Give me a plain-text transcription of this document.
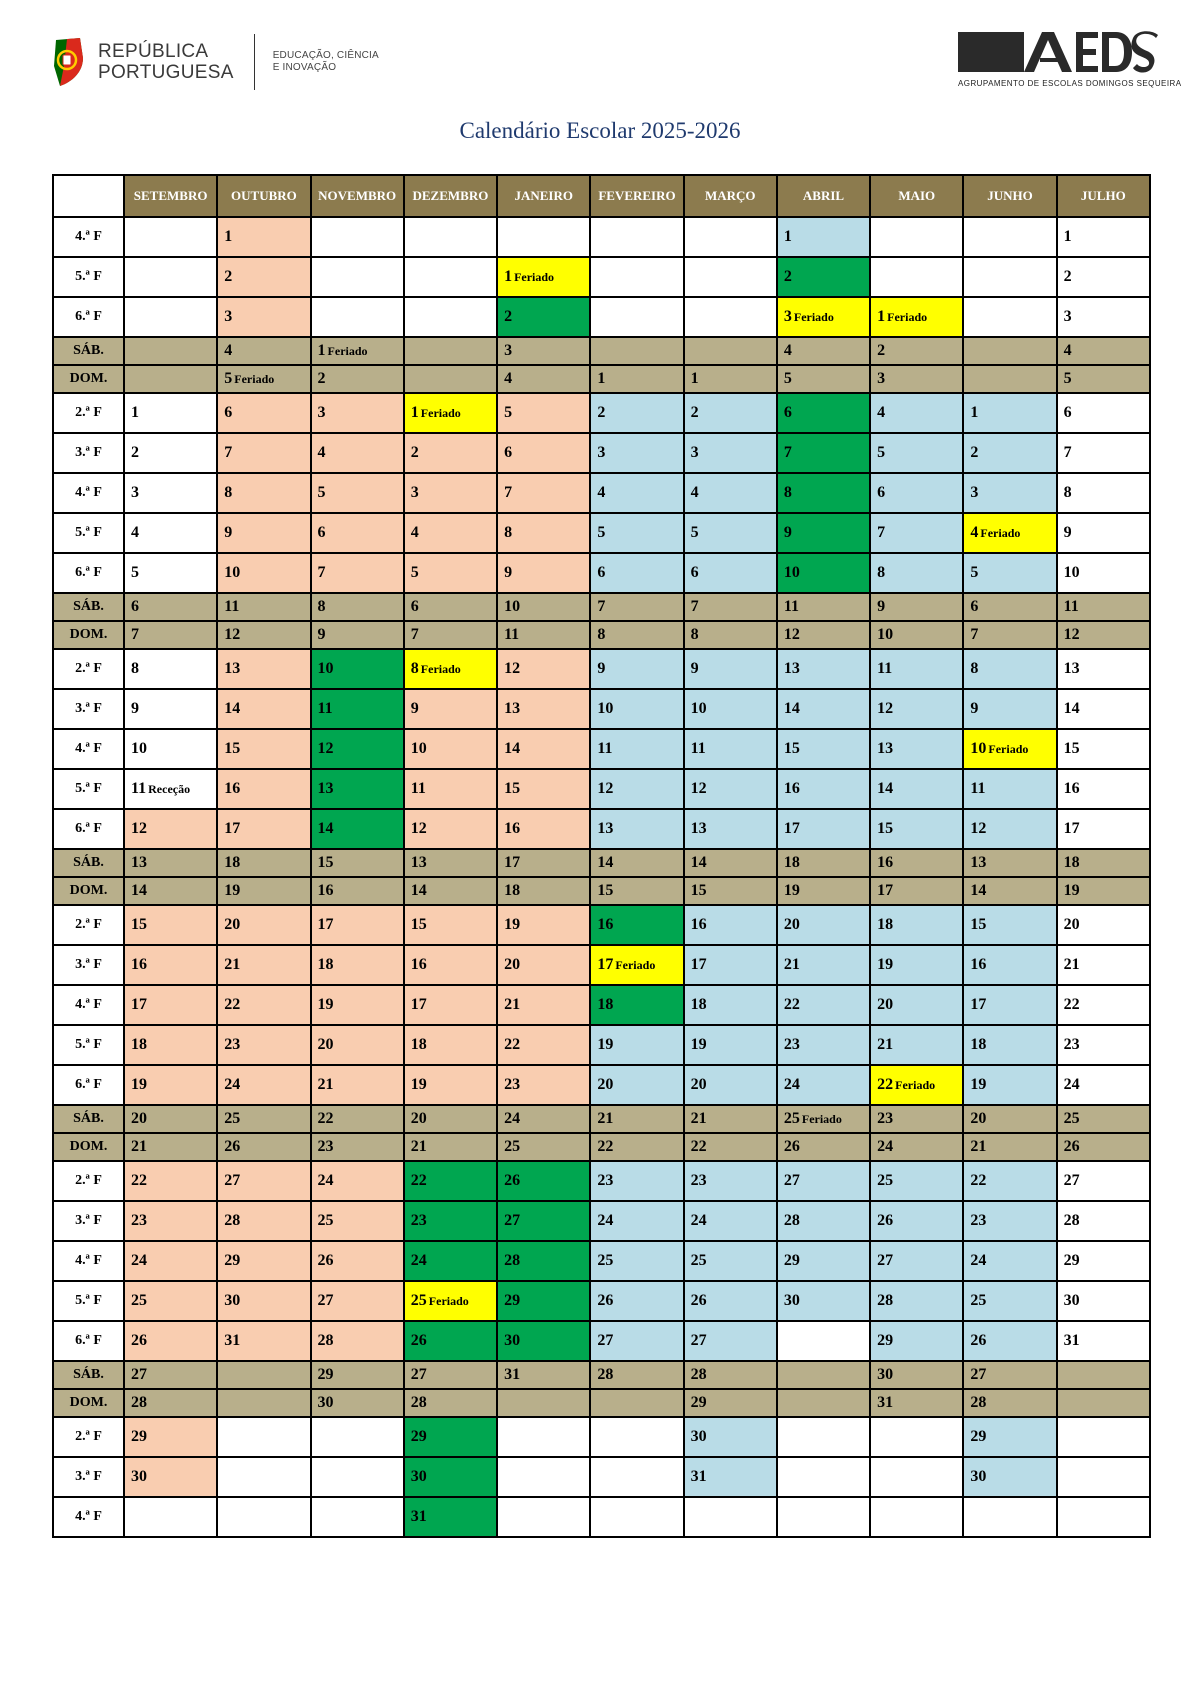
REPÚBLICA
PORTUGUESA
EDUCAÇÃO, CIÊNCIA
E INOVAÇÃO
AGRUPAMENTO DE ESCOLAS DOMINGOS SEQUEIRA
Calendário Escolar 2025-2026
	SETEMBRO	OUTUBRO	NOVEMBRO	DEZEMBRO	JANEIRO	FEVEREIRO	MARÇO	ABRIL	MAIO	JUNHO	JULHO
4.ª F		1						1			1
5.ª F		2			1 Feriado			2			2
6.ª F		3			2			3 Feriado	1 Feriado		3
SÁB.		4	1 Feriado		3			4	2		4
DOM.		5 Feriado	2		4	1	1	5	3		5
2.ª F	1	6	3	1 Feriado	5	2	2	6	4	1	6
3.ª F	2	7	4	2	6	3	3	7	5	2	7
4.ª F	3	8	5	3	7	4	4	8	6	3	8
5.ª F	4	9	6	4	8	5	5	9	7	4 Feriado	9
6.ª F	5	10	7	5	9	6	6	10	8	5	10
SÁB.	6	11	8	6	10	7	7	11	9	6	11
DOM.	7	12	9	7	11	8	8	12	10	7	12
2.ª F	8	13	10	8 Feriado	12	9	9	13	11	8	13
3.ª F	9	14	11	9	13	10	10	14	12	9	14
4.ª F	10	15	12	10	14	11	11	15	13	10 Feriado	15
5.ª F	11 Receção	16	13	11	15	12	12	16	14	11	16
6.ª F	12	17	14	12	16	13	13	17	15	12	17
SÁB.	13	18	15	13	17	14	14	18	16	13	18
DOM.	14	19	16	14	18	15	15	19	17	14	19
2.ª F	15	20	17	15	19	16	16	20	18	15	20
3.ª F	16	21	18	16	20	17 Feriado	17	21	19	16	21
4.ª F	17	22	19	17	21	18	18	22	20	17	22
5.ª F	18	23	20	18	22	19	19	23	21	18	23
6.ª F	19	24	21	19	23	20	20	24	22 Feriado	19	24
SÁB.	20	25	22	20	24	21	21	25 Feriado	23	20	25
DOM.	21	26	23	21	25	22	22	26	24	21	26
2.ª F	22	27	24	22	26	23	23	27	25	22	27
3.ª F	23	28	25	23	27	24	24	28	26	23	28
4.ª F	24	29	26	24	28	25	25	29	27	24	29
5.ª F	25	30	27	25 Feriado	29	26	26	30	28	25	30
6.ª F	26	31	28	26	30	27	27		29	26	31
SÁB.	27		29	27	31	28	28		30	27	
DOM.	28		30	28			29		31	28	
2.ª F	29			29			30			29	
3.ª F	30			30			31			30	
4.ª F				31							
